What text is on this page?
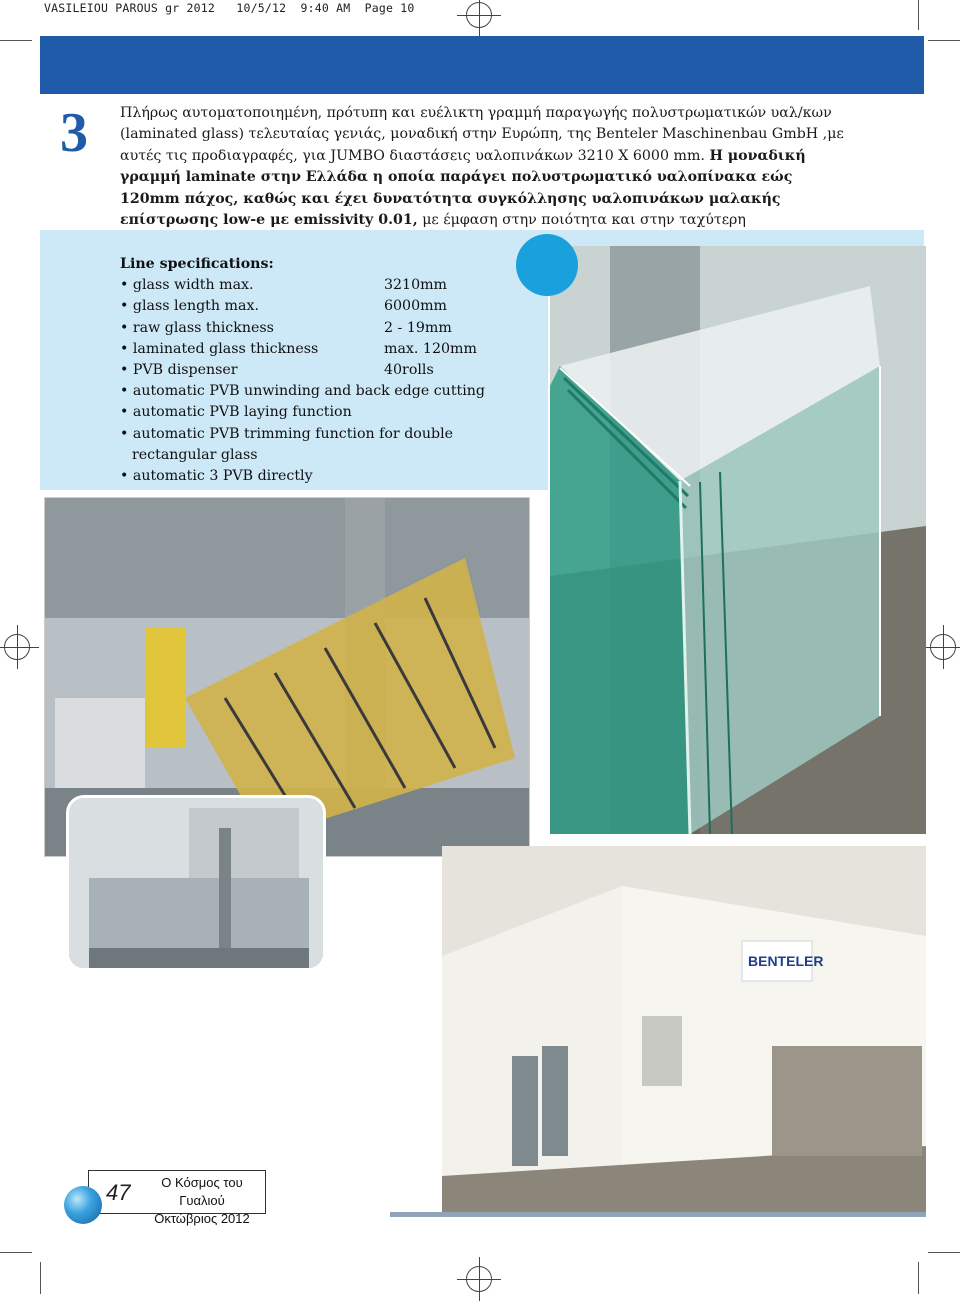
VASILEIOU PAROUS gr 2012 10/5/12 9:40 AM Page 10
3 Πλήρως αυτοματοποιημένη, πρότυπη και ευέλικτη γραμμή παραγωγής πολυστρωματικών υαλ/κων (laminated glass) τελευταίας γενιάς, μοναδική στην Ευρώπη, της Benteler Maschinenbau GmbH ,με αυτές τις προδιαγραφές, για JUMBO διαστάσεις υαλοπινάκων 3210 Χ 6000 mm. Η μοναδική γραμμή laminate στην Ελλάδα η οποία παράγει πολυστρωματικό υαλοπίνακα εώς 120mm πάχος, καθώς και έχει δυνατότητα συγκόλλησης υαλοπινάκων μαλακής επίστρωσης low-e με emissivity 0.01, με έμφαση στην ποιότητα και στην ταχύτερη
Line specifications:
• glass width max.	3210mm
• glass length max.	6000mm
• raw glass thickness	2 - 19mm
• laminated glass thickness	max. 120mm
• PVB dispenser	40rolls
• automatic PVB unwinding and back edge cutting
• automatic PVB laying function
• automatic PVB trimming function for double
rectangular glass
• automatic 3 PVB directly
BENTELER
47	Ο Κόσμος του Γυαλιού
Οκτώβριος 2012
